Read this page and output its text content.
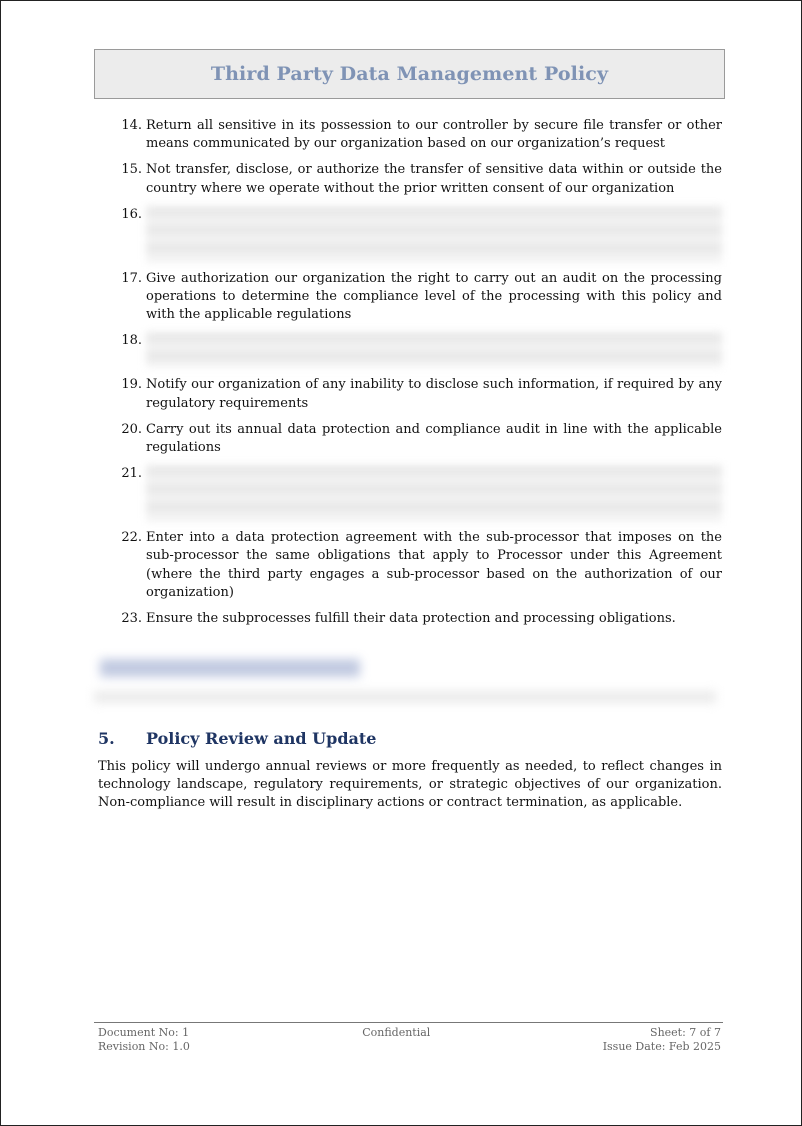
Third Party Data Management Policy
14. Return all sensitive in its possession to our controller by secure file transfer or other means communicated by our organization based on our organization’s request
15. Not transfer, disclose, or authorize the transfer of sensitive data within or outside the country where we operate without the prior written consent of our organization
16.
17. Give authorization our organization the right to carry out an audit on the processing operations to determine the compliance level of the processing with this policy and with the applicable regulations
18.
19. Notify our organization of any inability to disclose such information, if required by any regulatory requirements
20. Carry out its annual data protection and compliance audit in line with the applicable regulations
21.
22. Enter into a data protection agreement with the sub-processor that imposes on the sub-processor the same obligations that apply to Processor under this Agreement (where the third party engages a sub-processor based on the authorization of our organization)
23. Ensure the subprocesses fulfill their data protection and processing obligations.
5.	Policy Review and Update

This policy will undergo annual reviews or more frequently as needed, to reflect changes in technology landscape, regulatory requirements, or strategic objectives of our organization. Non-compliance will result in disciplinary actions or contract termination, as applicable.

Document No: 1
Revision No: 1.0
Confidential	Sheet: 7 of 7
Issue Date: Feb 2025
